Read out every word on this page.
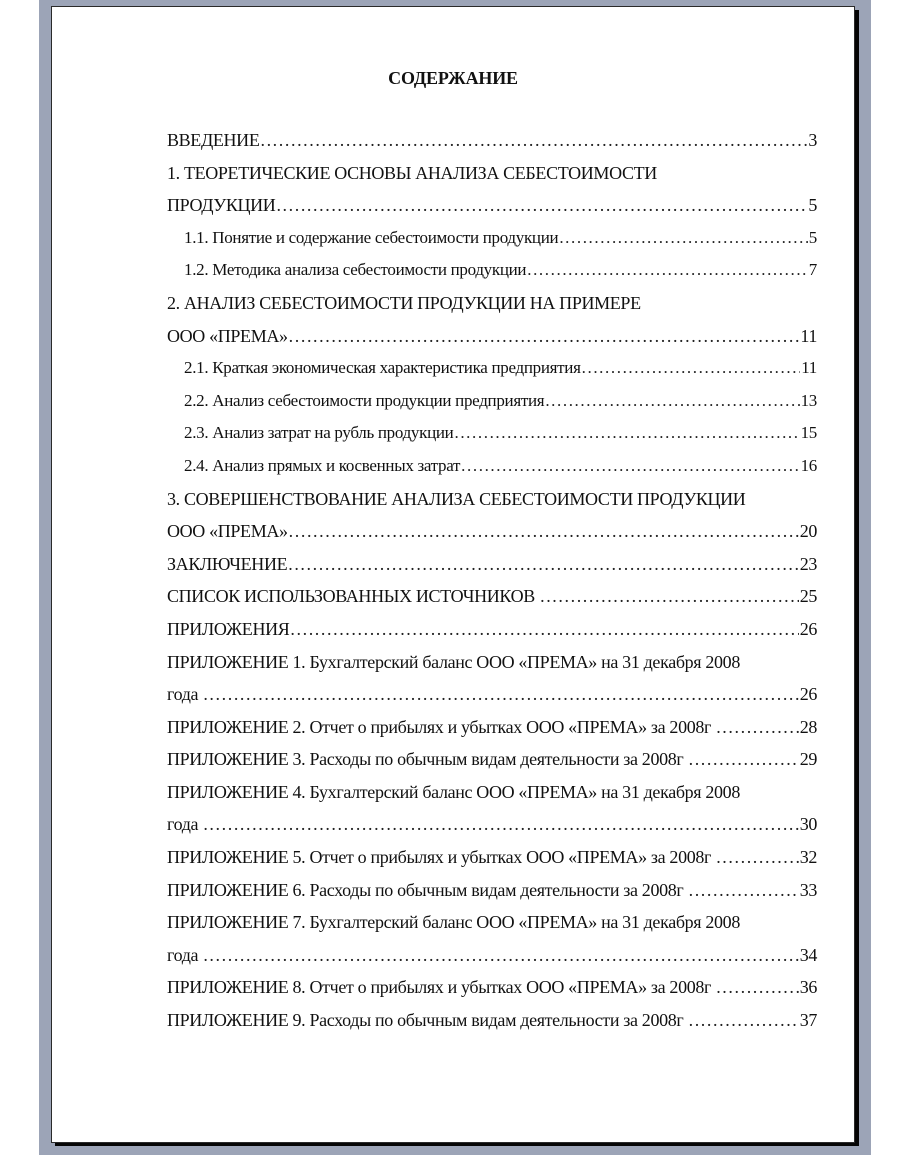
СОДЕРЖАНИЕ
ВВЕДЕНИЕ .....	3
1. ТЕОРЕТИЧЕСКИЕ ОСНОВЫ АНАЛИЗА СЕБЕСТОИМОСТИ
ПРОДУКЦИИ .....	5
1.1. Понятие и содержание себестоимости продукции .....	5
1.2. Методика анализа себестоимости продукции .....	7
2. АНАЛИЗ СЕБЕСТОИМОСТИ ПРОДУКЦИИ НА ПРИМЕРЕ
ООО «ПРЕМА» .....	11
2.1. Краткая экономическая характеристика предприятия .....	11
2.2. Анализ себестоимости продукции предприятия .....	13
2.3. Анализ затрат на рубль продукции .....	15
2.4. Анализ прямых и косвенных затрат .....	16
3. СОВЕРШЕНСТВОВАНИЕ АНАЛИЗА СЕБЕСТОИМОСТИ ПРОДУКЦИИ
ООО «ПРЕМА» .....	20
ЗАКЛЮЧЕНИЕ .....	23
СПИСОК ИСПОЛЬЗОВАННЫХ ИСТОЧНИКОВ .....	25
ПРИЛОЖЕНИЯ .....	26
ПРИЛОЖЕНИЕ 1. Бухгалтерский баланс ООО «ПРЕМА» на 31 декабря 2008
года .....	26
ПРИЛОЖЕНИЕ 2. Отчет о прибылях и убытках ООО «ПРЕМА» за 2008г .....	28
ПРИЛОЖЕНИЕ 3. Расходы по обычным видам деятельности за 2008г .....	29
ПРИЛОЖЕНИЕ 4. Бухгалтерский баланс ООО «ПРЕМА» на 31 декабря 2008
года .....	30
ПРИЛОЖЕНИЕ 5. Отчет о прибылях и убытках ООО «ПРЕМА» за 2008г .....	32
ПРИЛОЖЕНИЕ 6. Расходы по обычным видам деятельности за 2008г .....	33
ПРИЛОЖЕНИЕ 7. Бухгалтерский баланс ООО «ПРЕМА» на 31 декабря 2008
года .....	34
ПРИЛОЖЕНИЕ 8. Отчет о прибылях и убытках ООО «ПРЕМА» за 2008г .....	36
ПРИЛОЖЕНИЕ 9. Расходы по обычным видам деятельности за 2008г .....	37
